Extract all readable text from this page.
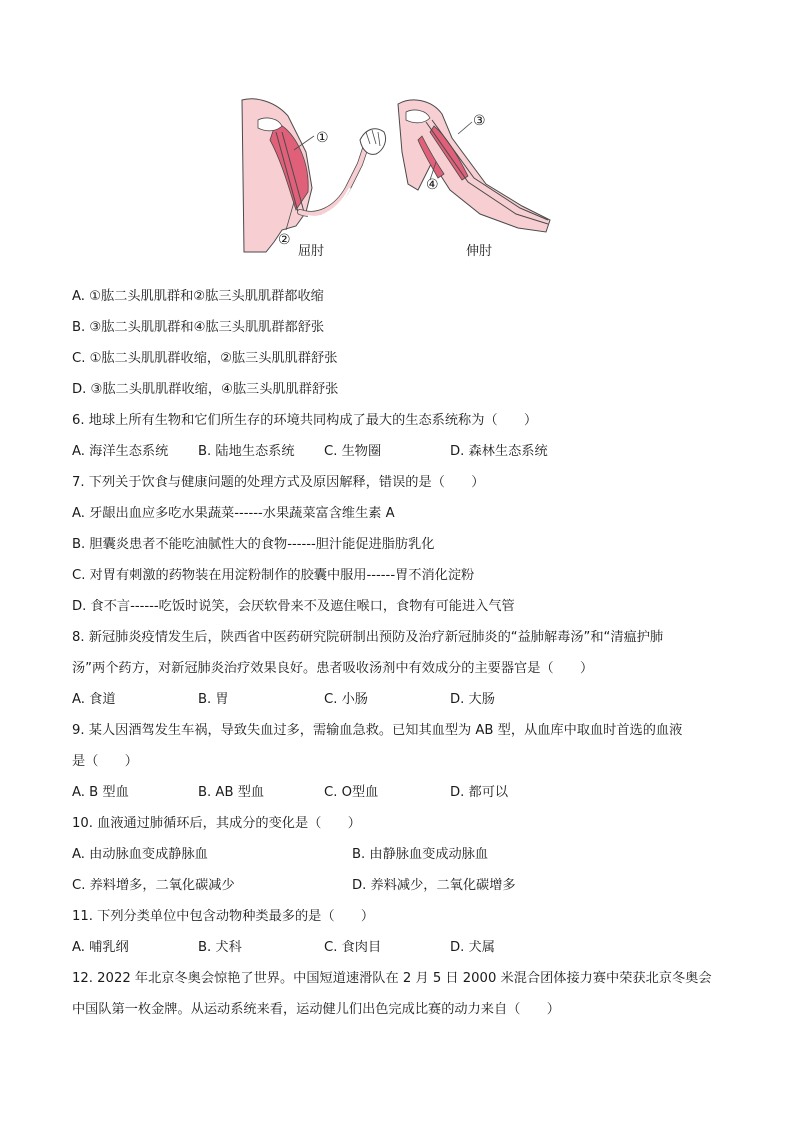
①
②
③
④
屈肘	伸肘
A. ①肱二头肌肌群和②肱三头肌肌群都收缩
B. ③肱二头肌肌群和④肱三头肌肌群都舒张
C. ①肱二头肌肌群收缩，②肱三头肌肌群舒张
D. ③肱二头肌肌群收缩，④肱三头肌肌群舒张
6. 地球上所有生物和它们所生存的环境共同构成了最大的生态系统称为（　　）
A. 海洋生态系统	B. 陆地生态系统	C. 生物圈	D. 森林生态系统
7. 下列关于饮食与健康问题的处理方式及原因解释，错误的是（　　）
A. 牙龈出血应多吃水果蔬菜------水果蔬菜富含维生素 A
B. 胆囊炎患者不能吃油腻性大的食物------胆汁能促进脂肪乳化
C. 对胃有刺激的药物装在用淀粉制作的胶囊中服用------胃不消化淀粉
D. 食不言------吃饭时说笑，会厌软骨来不及遮住喉口，食物有可能进入气管
8. 新冠肺炎疫情发生后，陕西省中医药研究院研制出预防及治疗新冠肺炎的“益肺解毒汤”和“清瘟护肺
汤”两个药方，对新冠肺炎治疗效果良好。患者吸收汤剂中有效成分的主要器官是（　　）
A. 食道	B. 胃	C. 小肠	D. 大肠
9. 某人因酒驾发生车祸，导致失血过多，需输血急救。已知其血型为 AB 型，从血库中取血时首选的血液
是（　　）
A. B 型血	B. AB 型血	C. O型血	D. 都可以
10. 血液通过肺循环后，其成分的变化是（　　）
A. 由动脉血变成静脉血	B. 由静脉血变成动脉血
C. 养料增多，二氧化碳减少	D. 养料减少，二氧化碳增多
11. 下列分类单位中包含动物种类最多的是（　　）
A. 哺乳纲	B. 犬科	C. 食肉目	D. 犬属
12. 2022 年北京冬奥会惊艳了世界。中国短道速滑队在 2 月 5 日 2000 米混合团体接力赛中荣获北京冬奥会
中国队第一枚金牌。从运动系统来看，运动健儿们出色完成比赛的动力来自（　　）
